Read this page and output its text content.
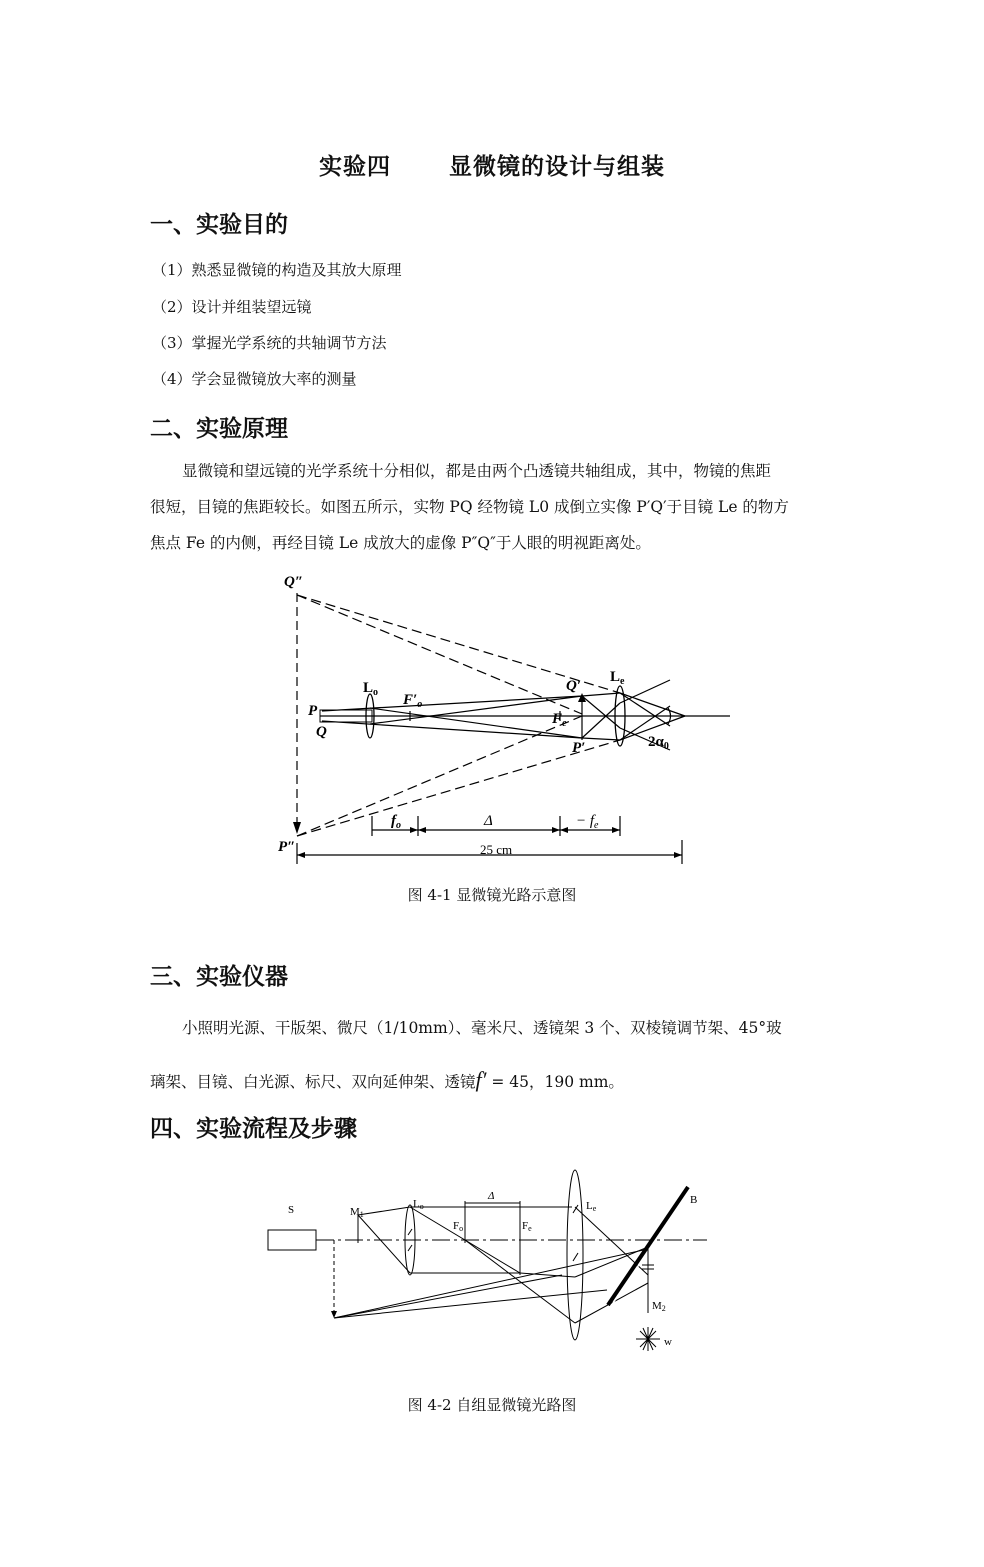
实验四	显微镜的设计与组装
一、实验目的
（1）熟悉显微镜的构造及其放大原理
（2）设计并组装望远镜
（3）掌握光学系统的共轴调节方法
（4）学会显微镜放大率的测量
二、实验原理

显微镜和望远镜的光学系统十分相似，都是由两个凸透镜共轴组成，其中，物镜的焦距

很短，目镜的焦距较长。如图五所示，实物 PQ 经物镜 L0 成倒立实像 P′Q′于目镜 Le 的物方

焦点 Fe 的内侧，再经目镜 Le 成放大的虚像 P″Q″于人眼的明视距离处。

Q″
P″
P
Q
$L_o$ $F'_o$
Q′
P′
$L_e$
$F_e$
$2\alpha_0$
$f_o$	Δ	− $f_e$
25 cm
图 4-1 显微镜光路示意图
三、实验仪器

小照明光源、干版架、微尺（1/10mm）、毫米尺、透镜架 3 个、双棱镜调节架、45°玻

璃架、目镜、白光源、标尺、双向延伸架、透镜f′ = 45，190 mm。

四、实验流程及步骤
S	M1
Lo
Δ
Fo	Fe
Le
B
M2
w
图 4-2 自组显微镜光路图
